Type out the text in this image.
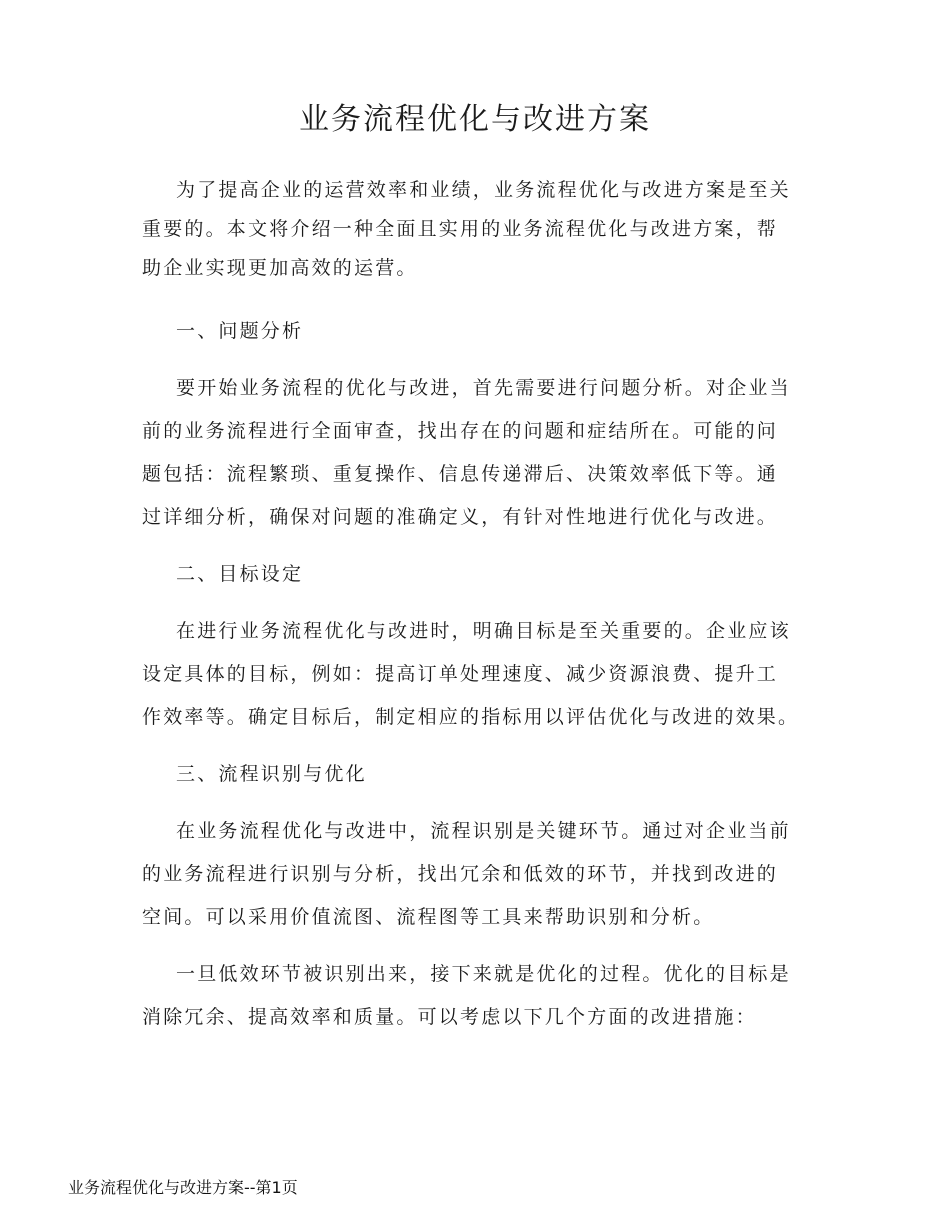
业务流程优化与改进方案
为了提高企业的运营效率和业绩，业务流程优化与改进方案是至关
重要的。本文将介绍一种全面且实用的业务流程优化与改进方案，帮
助企业实现更加高效的运营。
一、问题分析
要开始业务流程的优化与改进，首先需要进行问题分析。对企业当
前的业务流程进行全面审查，找出存在的问题和症结所在。可能的问
题包括：流程繁琐、重复操作、信息传递滞后、决策效率低下等。通
过详细分析，确保对问题的准确定义，有针对性地进行优化与改进。
二、目标设定
在进行业务流程优化与改进时，明确目标是至关重要的。企业应该
设定具体的目标，例如：提高订单处理速度、减少资源浪费、提升工
作效率等。确定目标后，制定相应的指标用以评估优化与改进的效果。
三、流程识别与优化
在业务流程优化与改进中，流程识别是关键环节。通过对企业当前
的业务流程进行识别与分析，找出冗余和低效的环节，并找到改进的
空间。可以采用价值流图、流程图等工具来帮助识别和分析。
一旦低效环节被识别出来，接下来就是优化的过程。优化的目标是
消除冗余、提高效率和质量。可以考虑以下几个方面的改进措施：
业务流程优化与改进方案--第1页
